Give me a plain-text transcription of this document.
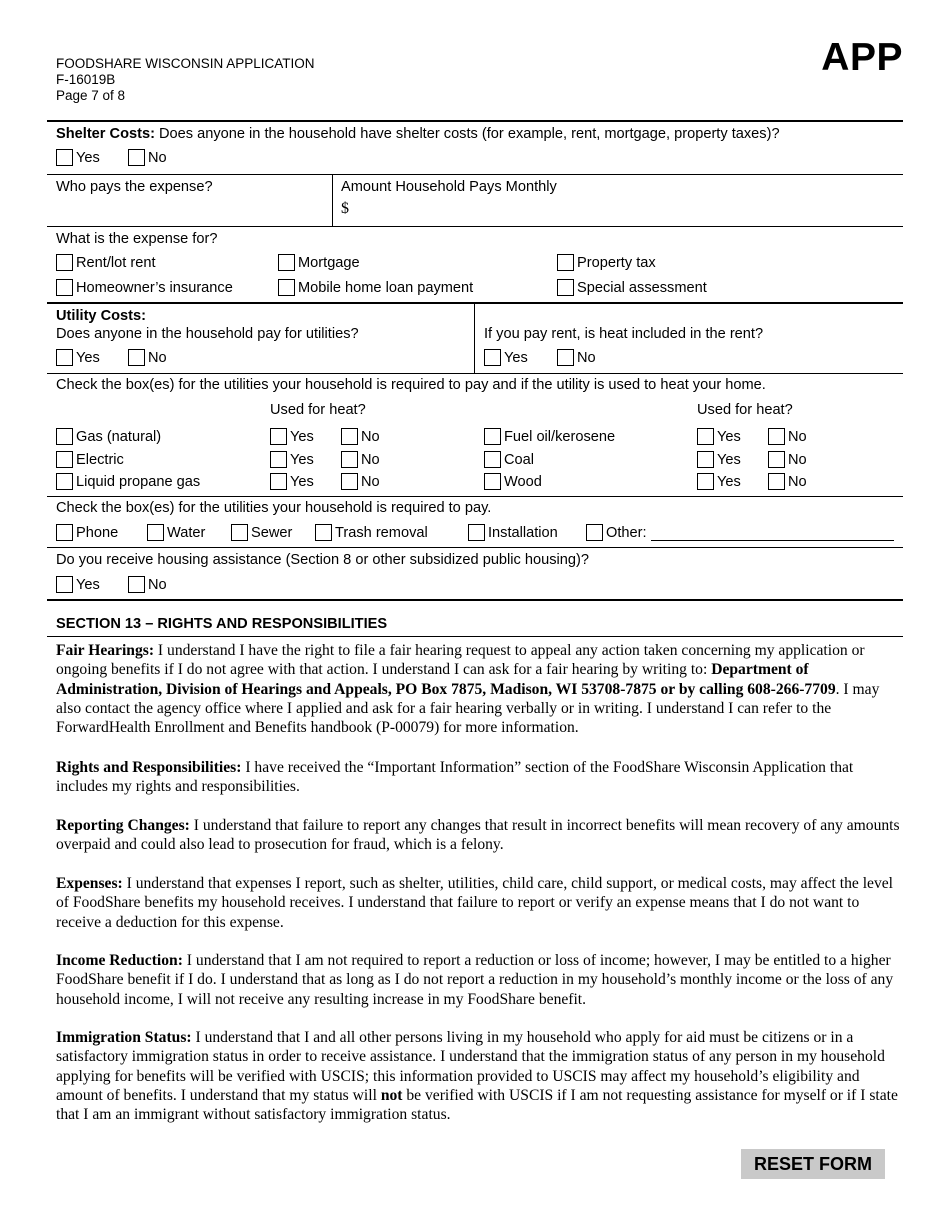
FOODSHARE WISCONSIN APPLICATION
F-16019B
Page 7 of 8
APP
Shelter Costs: Does anyone in the household have shelter costs (for example, rent, mortgage, property taxes)?
Yes	No
Who pays the expense?	Amount Household Pays Monthly
$
What is the expense for?
Rent/lot rent	Mortgage	Property tax
Homeowner’s insurance	Mobile home loan payment	Special assessment
Utility Costs:
Does anyone in the household pay for utilities?
Yes	No
If you pay rent, is heat included in the rent?
Yes	No
Check the box(es) for the utilities your household is required to pay and if the utility is used to heat your home.
Used for heat?	Used for heat?
Gas (natural)	Yes	No
Electric	Yes	No
Liquid propane gas	Yes	No
Fuel oil/kerosene	Yes	No
Coal	Yes	No
Wood	Yes	No
Check the box(es) for the utilities your household is required to pay.
Phone	Water	Sewer	Trash removal	Installation	Other:
Do you receive housing assistance (Section 8 or other subsidized public housing)?
Yes	No
SECTION 13 – RIGHTS AND RESPONSIBILITIES
Fair Hearings: I understand I have the right to file a fair hearing request to appeal any action taken concerning my application or ongoing benefits if I do not agree with that action. I understand I can ask for a fair hearing by writing to: Department of Administration, Division of Hearings and Appeals, PO Box 7875, Madison, WI 53708-7875 or by calling 608-266-7709. I may also contact the agency office where I applied and ask for a fair hearing verbally or in writing. I understand I can refer to the ForwardHealth Enrollment and Benefits handbook (P-00079) for more information.
Rights and Responsibilities: I have received the “Important Information” section of the FoodShare Wisconsin Application that includes my rights and responsibilities.
Reporting Changes: I understand that failure to report any changes that result in incorrect benefits will mean recovery of any amounts overpaid and could also lead to prosecution for fraud, which is a felony.
Expenses: I understand that expenses I report, such as shelter, utilities, child care, child support, or medical costs, may affect the level of FoodShare benefits my household receives. I understand that failure to report or verify an expense means that I do not want to receive a deduction for this expense.
Income Reduction: I understand that I am not required to report a reduction or loss of income; however, I may be entitled to a higher FoodShare benefit if I do. I understand that as long as I do not report a reduction in my household’s monthly income or the loss of any household income, I will not receive any resulting increase in my FoodShare benefit.
Immigration Status: I understand that I and all other persons living in my household who apply for aid must be citizens or in a satisfactory immigration status in order to receive assistance. I understand that the immigration status of any person in my household applying for benefits will be verified with USCIS; this information provided to USCIS may affect my household’s eligibility and amount of benefits. I understand that my status will not be verified with USCIS if I am not requesting assistance for myself or if I state that I am an immigrant without satisfactory immigration status.
RESET FORM
